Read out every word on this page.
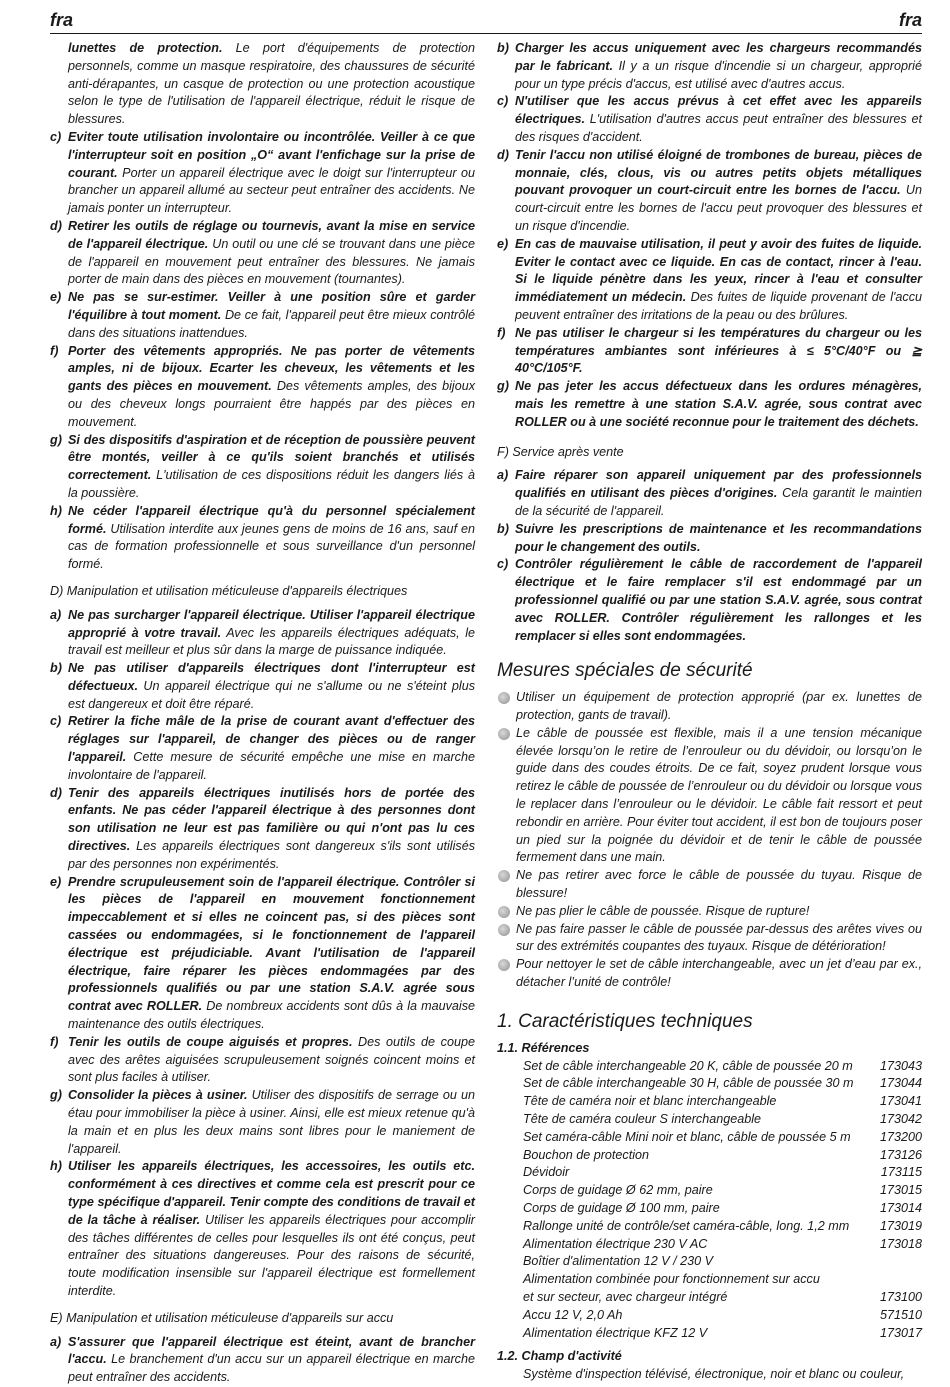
fra	fra

lunettes de protection. Le port d'équipements de protection personnels, comme un masque respiratoire, des chaussures de sécurité anti-dérapantes, un casque de protection ou une protection acoustique selon le type de l'utilisation de l'appareil électrique, réduit le risque de blessures.

c) Eviter toute utilisation involontaire ou incontrôlée. Veiller à ce que l'interrupteur soit en position „O“ avant l'enfichage sur la prise de courant. Porter un appareil électrique avec le doigt sur l'interrupteur ou brancher un appareil allumé au secteur peut entraîner des accidents. Ne jamais ponter un interrupteur.

d) Retirer les outils de réglage ou tournevis, avant la mise en service de l'appareil électrique. Un outil ou une clé se trouvant dans une pièce de l'appareil en mouvement peut entraîner des blessures. Ne jamais porter de main dans des pièces en mouvement (tournantes).

e) Ne pas se sur-estimer. Veiller à une position sûre et garder l'équilibre à tout moment. De ce fait, l'appareil peut être mieux contrôlé dans des situations inattendues.

f) Porter des vêtements appropriés. Ne pas porter de vêtements amples, ni de bijoux. Ecarter les cheveux, les vêtements et les gants des pièces en mouvement. Des vêtements amples, des bijoux ou des cheveux longs pourraient être happés par des pièces en mouvement.

g) Si des dispositifs d'aspiration et de réception de poussière peuvent être montés, veiller à ce qu'ils soient branchés et utilisés correctement. L'utilisation de ces dispositions réduit les dangers liés à la poussière.

h) Ne céder l'appareil électrique qu'à du personnel spécialement formé. Utilisation interdite aux jeunes gens de moins de 16 ans, sauf en cas de formation professionnelle et sous surveillance d'un personnel formé.

D) Manipulation et utilisation méticuleuse d'appareils électriques

a) Ne pas surcharger l'appareil électrique. Utiliser l'appareil électrique approprié à votre travail. Avec les appareils électriques adéquats, le travail est meilleur et plus sûr dans la marge de puissance indiquée.

b) Ne pas utiliser d'appareils électriques dont l'interrupteur est défectueux. Un appareil électrique qui ne s'allume ou ne s'éteint plus est dangereux et doit être réparé.

c) Retirer la fiche mâle de la prise de courant avant d'effectuer des réglages sur l'appareil, de changer des pièces ou de ranger l'appareil. Cette mesure de sécurité empêche une mise en marche involontaire de l'appareil.

d) Tenir des appareils électriques inutilisés hors de portée des enfants. Ne pas céder l'appareil électrique à des personnes dont son utilisation ne leur est pas familière ou qui n'ont pas lu ces directives. Les appareils électriques sont dangereux s'ils sont utilisés par des personnes non expérimentés.

e) Prendre scrupuleusement soin de l'appareil électrique. Contrôler si les pièces de l'appareil en mouvement fonctionnement impeccablement et si elles ne coincent pas, si des pièces sont cassées ou endommagées, si le fonctionnement de l'appareil électrique est préjudiciable. Avant l'utilisation de l'appareil électrique, faire réparer les pièces endommagées par des professionnels qualifiés ou par une station S.A.V. agrée sous contrat avec ROLLER. De nombreux accidents sont dûs à la mauvaise maintenance des outils électriques.

f) Tenir les outils de coupe aiguisés et propres. Des outils de coupe avec des arêtes aiguisées scrupuleusement soignés coincent moins et sont plus faciles à utiliser.

g) Consolider la pièces à usiner. Utiliser des dispositifs de serrage ou un étau pour immobiliser la pièce à usiner. Ainsi, elle est mieux retenue qu'à la main et en plus les deux mains sont libres pour le maniement de l'appareil.

h) Utiliser les appareils électriques, les accessoires, les outils etc. conformément à ces directives et comme cela est prescrit pour ce type spécifique d'appareil. Tenir compte des conditions de travail et de la tâche à réaliser. Utiliser les appareils électriques pour accomplir des tâches différentes de celles pour lesquelles ils ont été conçus, peut entraîner des situations dangereuses. Pour des raisons de sécurité, toute modification insensible sur l'appareil électrique est formellement interdite.

E) Manipulation et utilisation méticuleuse d'appareils sur accu

a) S'assurer que l'appareil électrique est éteint, avant de brancher l'accu. Le branchement d'un accu sur un appareil électrique en marche peut entraîner des accidents.

b) Charger les accus uniquement avec les chargeurs recommandés par le fabricant. Il y a un risque d'incendie si un chargeur, approprié pour un type précis d'accus, est utilisé avec d'autres accus.

c) N'utiliser que les accus prévus à cet effet avec les appareils électriques. L'utilisation d'autres accus peut entraîner des blessures et des risques d'accident.

d) Tenir l'accu non utilisé éloigné de trombones de bureau, pièces de monnaie, clés, clous, vis ou autres petits objets métalliques pouvant provoquer un court-circuit entre les bornes de l'accu. Un court-circuit entre les bornes de l'accu peut provoquer des blessures et un risque d'incendie.

e) En cas de mauvaise utilisation, il peut y avoir des fuites de liquide. Eviter le contact avec ce liquide. En cas de contact, rincer à l'eau. Si le liquide pénètre dans les yeux, rincer à l'eau et consulter immédiatement un médecin. Des fuites de liquide provenant de l'accu peuvent entraîner des irritations de la peau ou des brûlures.

f) Ne pas utiliser le chargeur si les températures du chargeur ou les températures ambiantes sont inférieures à ≤ 5°C/40°F ou ≧ 40°C/105°F.

g) Ne pas jeter les accus défectueux dans les ordures ménagères, mais les remettre à une station S.A.V. agrée, sous contrat avec ROLLER ou à une société reconnue pour le traitement des déchets.

F) Service après vente

a) Faire réparer son appareil uniquement par des professionnels qualifiés en utilisant des pièces d'origines. Cela garantit le maintien de la sécurité de l'appareil.

b) Suivre les prescriptions de maintenance et les recommandations pour le changement des outils.

c) Contrôler régulièrement le câble de raccordement de l'appareil électrique et le faire remplacer s'il est endommagé par un professionnel qualifié ou par une station S.A.V. agrée, sous contrat avec ROLLER. Contrôler régulièrement les rallonges et les remplacer si elles sont endommagées.

Mesures spéciales de sécurité

Utiliser un équipement de protection approprié (par ex. lunettes de protection, gants de travail).

Le câble de poussée est flexible, mais il a une tension mécanique élevée lorsqu’on le retire de l’enrouleur ou du dévidoir, ou lorsqu’on le guide dans des coudes étroits. De ce fait, soyez prudent lorsque vous retirez le câble de poussée de l’enrouleur ou du dévidoir ou lorsque vous le replacer dans l’enrouleur ou le dévidoir. Le câble fait ressort et peut rebondir en arrière. Pour éviter tout accident, il est bon de toujours poser un pied sur la poignée du dévidoir et de tenir le câble de poussée fermement dans une main.

Ne pas retirer avec force le câble de poussée du tuyau. Risque de blessure!

Ne pas plier le câble de poussée. Risque de rupture!

Ne pas faire passer le câble de poussée par-dessus des arêtes vives ou sur des extrémités coupantes des tuyaux. Risque de détérioration!

Pour nettoyer le set de câble interchangeable, avec un jet d’eau par ex., détacher l’unité de contrôle!

1. Caractéristiques techniques
1.1. Références
Set de câble interchangeable 20 K, câble de poussée 20 m	173043
Set de câble interchangeable 30 H, câble de poussée 30 m	173044
Tête de caméra noir et blanc interchangeable	173041
Tête de caméra couleur S interchangeable	173042
Set caméra-câble Mini noir et blanc, câble de poussée 5 m	173200
Bouchon de protection	173126
Dévidoir	173115
Corps de guidage Ø 62 mm, paire	173015
Corps de guidage Ø 100 mm, paire	173014
Rallonge unité de contrôle/set caméra-câble, long. 1,2 mm	173019
Alimentation électrique 230 V AC	173018
Boîtier d'alimentation 12 V / 230 V	
Alimentation combinée pour fonctionnement sur accu	
et sur secteur, avec chargeur intégré	173100
Accu 12 V, 2,0 Ah	571510
Alimentation électrique KFZ 12 V	173017
1.2. Champ d'activité

Système d'inspection télévisé, électronique, noir et blanc ou couleur,
